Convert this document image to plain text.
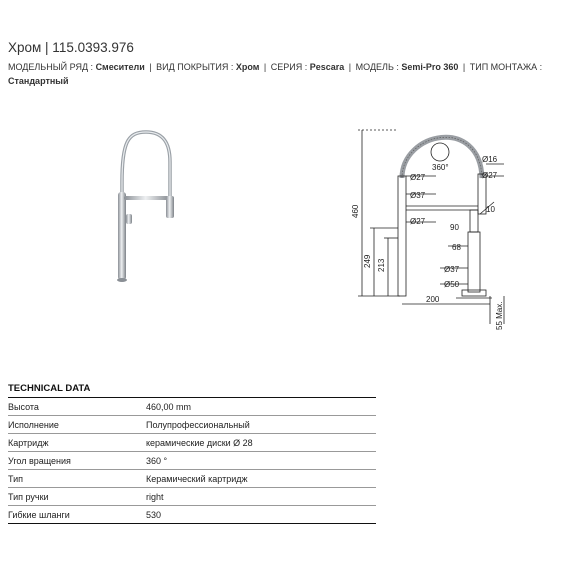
Хром | 115.0393.976
МОДЕЛЬНЫЙ РЯД : Смесители | ВИД ПОКРЫТИЯ : Хром | СЕРИЯ : Pescara | МОДЕЛЬ : Semi-Pro 360 | ТИП МОНТАЖА : Стандартный
360°
Ø16
Ø27	Ø27
Ø37
Ø27
90
10
460
249 213
68
Ø37
Ø50
200
55 Max.
TECHNICAL DATA
Высота	460,00 mm
Исполнение	Полупрофессиональный
Картридж	керамические диски Ø 28
Угол вращения	360 °
Тип	Керамический картридж
Тип ручки	right
Гибкие шланги	530
